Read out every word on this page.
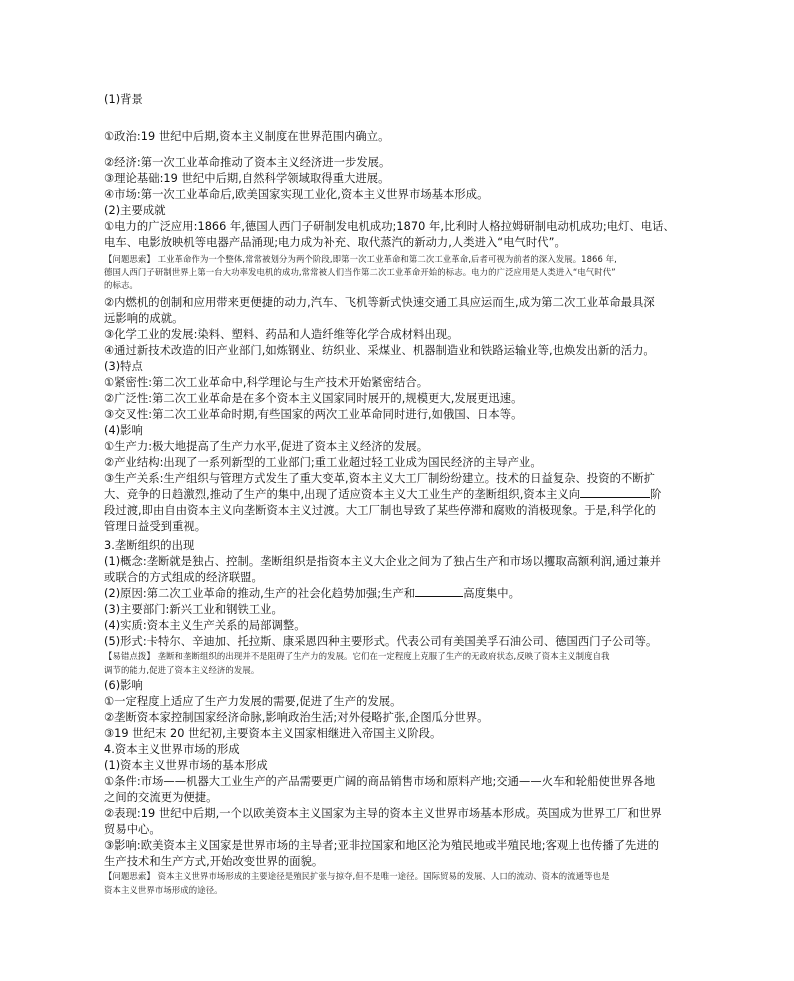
(1)背景
①政治:19 世纪中后期,资本主义制度在世界范围内确立。
②经济:第一次工业革命推动了资本主义经济进一步发展。
③理论基础:19 世纪中后期,自然科学领域取得重大进展。
④市场:第一次工业革命后,欧美国家实现工业化,资本主义世界市场基本形成。
(2)主要成就
①电力的广泛应用:1866 年,德国人西门子研制发电机成功;1870 年,比利时人格拉姆研制电动机成功;电灯、电话、
电车、电影放映机等电器产品涌现;电力成为补充、取代蒸汽的新动力,人类进入“电气时代”。
【问题思索】 工业革命作为一个整体,常常被划分为两个阶段,即第一次工业革命和第二次工业革命,后者可视为前者的深入发展。1866 年,
德国人西门子研制世界上第一台大功率发电机的成功,常常被人们当作第二次工业革命开始的标志。电力的广泛应用是人类进入“电气时代”
的标志。
②内燃机的创制和应用带来更便捷的动力,汽车、飞机等新式快速交通工具应运而生,成为第二次工业革命最具深
远影响的成就。
③化学工业的发展:染料、塑料、药品和人造纤维等化学合成材料出现。
④通过新技术改造的旧产业部门,如炼钢业、纺织业、采煤业、机器制造业和铁路运输业等,也焕发出新的活力。
(3)特点
①紧密性:第二次工业革命中,科学理论与生产技术开始紧密结合。
②广泛性:第二次工业革命是在多个资本主义国家同时展开的,规模更大,发展更迅速。
③交叉性:第二次工业革命时期,有些国家的两次工业革命同时进行,如俄国、日本等。
(4)影响
①生产力:极大地提高了生产力水平,促进了资本主义经济的发展。
②产业结构:出现了一系列新型的工业部门;重工业超过轻工业成为国民经济的主导产业。
③生产关系:生产组织与管理方式发生了重大变革,资本主义大工厂制纷纷建立。技术的日益复杂、投资的不断扩
大、竞争的日趋激烈,推动了生产的集中,出现了适应资本主义大工业生产的垄断组织,资本主义向	阶
段过渡,即由自由资本主义向垄断资本主义过渡。大工厂制也导致了某些停滞和腐败的消极现象。于是,科学化的
管理日益受到重视。
3.垄断组织的出现
(1)概念:垄断就是独占、控制。垄断组织是指资本主义大企业之间为了独占生产和市场以攫取高额利润,通过兼并
或联合的方式组成的经济联盟。
(2)原因:第二次工业革命的推动,生产的社会化趋势加强;生产和	高度集中。
(3)主要部门:新兴工业和钢铁工业。
(4)实质:资本主义生产关系的局部调整。
(5)形式:卡特尔、辛迪加、托拉斯、康采恩四种主要形式。代表公司有美国美孚石油公司、德国西门子公司等。
【易错点拨】 垄断和垄断组织的出现并不是阻碍了生产力的发展。它们在一定程度上克服了生产的无政府状态,反映了资本主义制度自我
调节的能力,促进了资本主义经济的发展。
(6)影响
①一定程度上适应了生产力发展的需要,促进了生产的发展。
②垄断资本家控制国家经济命脉,影响政治生活;对外侵略扩张,企图瓜分世界。
③19 世纪末 20 世纪初,主要资本主义国家相继进入帝国主义阶段。
4.资本主义世界市场的形成
(1)资本主义世界市场的基本形成
①条件:市场——机器大工业生产的产品需要更广阔的商品销售市场和原料产地;交通——火车和轮船使世界各地
之间的交流更为便捷。
②表现:19 世纪中后期,一个以欧美资本主义国家为主导的资本主义世界市场基本形成。英国成为世界工厂和世界
贸易中心。
③影响:欧美资本主义国家是世界市场的主导者;亚非拉国家和地区沦为殖民地或半殖民地;客观上也传播了先进的
生产技术和生产方式,开始改变世界的面貌。
【问题思索】 资本主义世界市场形成的主要途径是殖民扩张与掠夺,但不是唯一途径。国际贸易的发展、人口的流动、资本的流通等也是
资本主义世界市场形成的途径。
